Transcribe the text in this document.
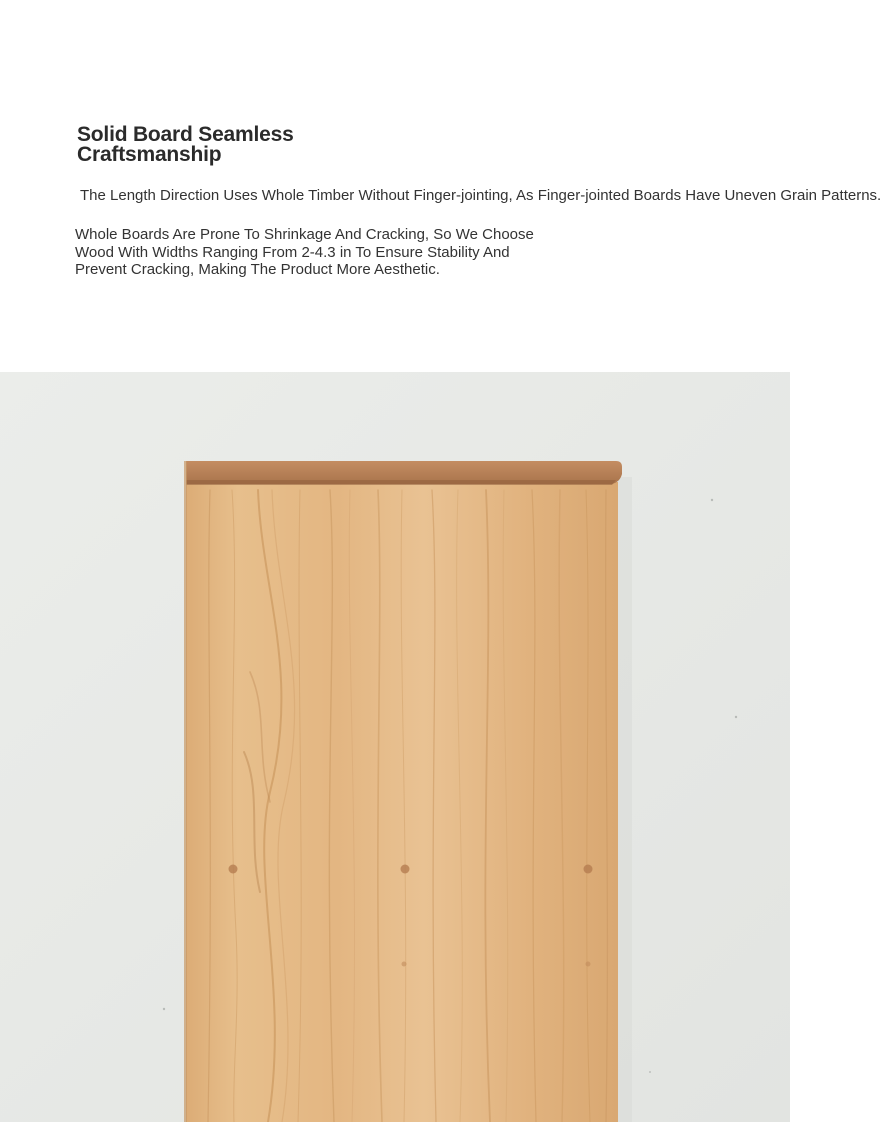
Solid Board Seamless
Craftsmanship

The Length Direction Uses Whole Timber Without Finger-jointing, As Finger-jointed Boards Have Uneven Grain Patterns.

Whole Boards Are Prone To Shrinkage And Cracking, So We Choose
Wood With Widths Ranging From 2-4.3 in To Ensure Stability And
Prevent Cracking, Making The Product More Aesthetic.
